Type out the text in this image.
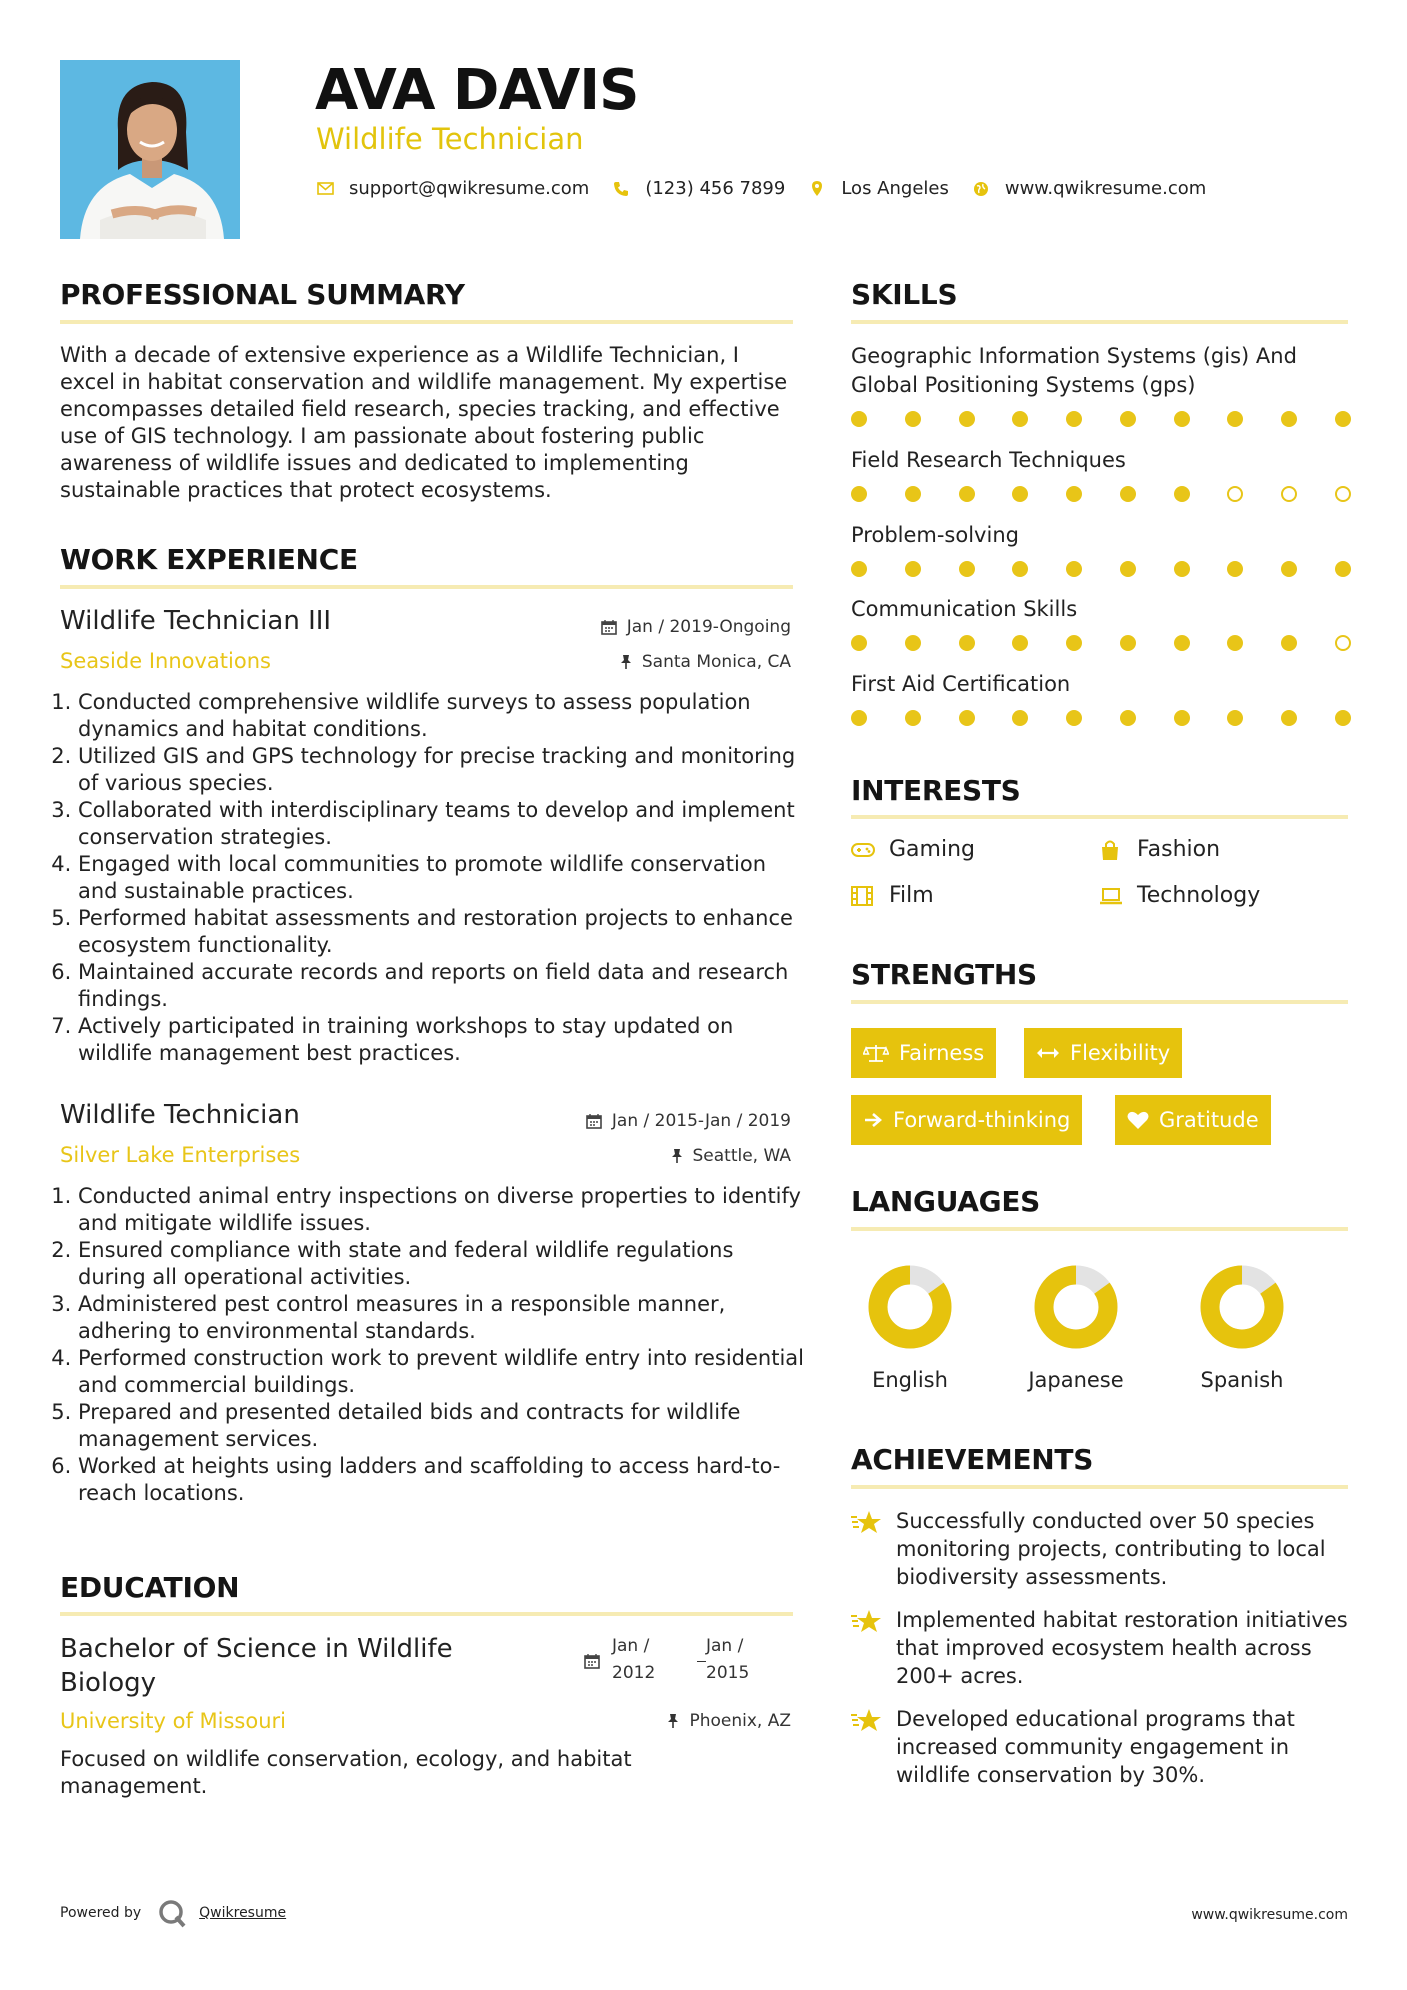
AVA DAVIS
Wildlife Technician
support@qwikresume.com	(123) 456 7899	Los Angeles	www.qwikresume.com
PROFESSIONAL SUMMARY
With a decade of extensive experience as a Wildlife Technician, I excel in habitat conservation and wildlife management. My expertise encompasses detailed field research, species tracking, and effective use of GIS technology. I am passionate about fostering public awareness of wildlife issues and dedicated to implementing sustainable practices that protect ecosystems.
WORK EXPERIENCE
Wildlife Technician III
Seaside Innovations
Jan / 2019-Ongoing
Santa Monica, CA
1. Conducted comprehensive wildlife surveys to assess population dynamics and habitat conditions.
2. Utilized GIS and GPS technology for precise tracking and monitoring of various species.
3. Collaborated with interdisciplinary teams to develop and implement conservation strategies.
4. Engaged with local communities to promote wildlife conservation and sustainable practices.
5. Performed habitat assessments and restoration projects to enhance ecosystem functionality.
6. Maintained accurate records and reports on field data and research findings.
7. Actively participated in training workshops to stay updated on wildlife management best practices.
Wildlife Technician
Silver Lake Enterprises
Jan / 2015-Jan / 2019
Seattle, WA
1. Conducted animal entry inspections on diverse properties to identify and mitigate wildlife issues.
2. Ensured compliance with state and federal wildlife regulations during all operational activities.
3. Administered pest control measures in a responsible manner, adhering to environmental standards.
4. Performed construction work to prevent wildlife entry into residential and commercial buildings.
5. Prepared and presented detailed bids and contracts for wildlife management services.
6. Worked at heights using ladders and scaffolding to access hard-to-reach locations.
EDUCATION
Bachelor of Science in Wildlife Biology
Jan /
2012
Jan /
2015
University of Missouri	Phoenix, AZ
Focused on wildlife conservation, ecology, and habitat management.
SKILLS
Geographic Information Systems (gis) And Global Positioning Systems (gps)
Field Research Techniques
Problem-solving
Communication Skills
First Aid Certification
INTERESTS
Gaming	Fashion
Film	Technology
STRENGTHS
Fairness	Flexibility
Forward-thinking	Gratitude
LANGUAGES
English	Japanese	Spanish
ACHIEVEMENTS
Successfully conducted over 50 species monitoring projects, contributing to local biodiversity assessments.
Implemented habitat restoration initiatives that improved ecosystem health across 200+ acres.
Developed educational programs that increased community engagement in wildlife conservation by 30%.
Powered by	Qwikresume	www.qwikresume.com
